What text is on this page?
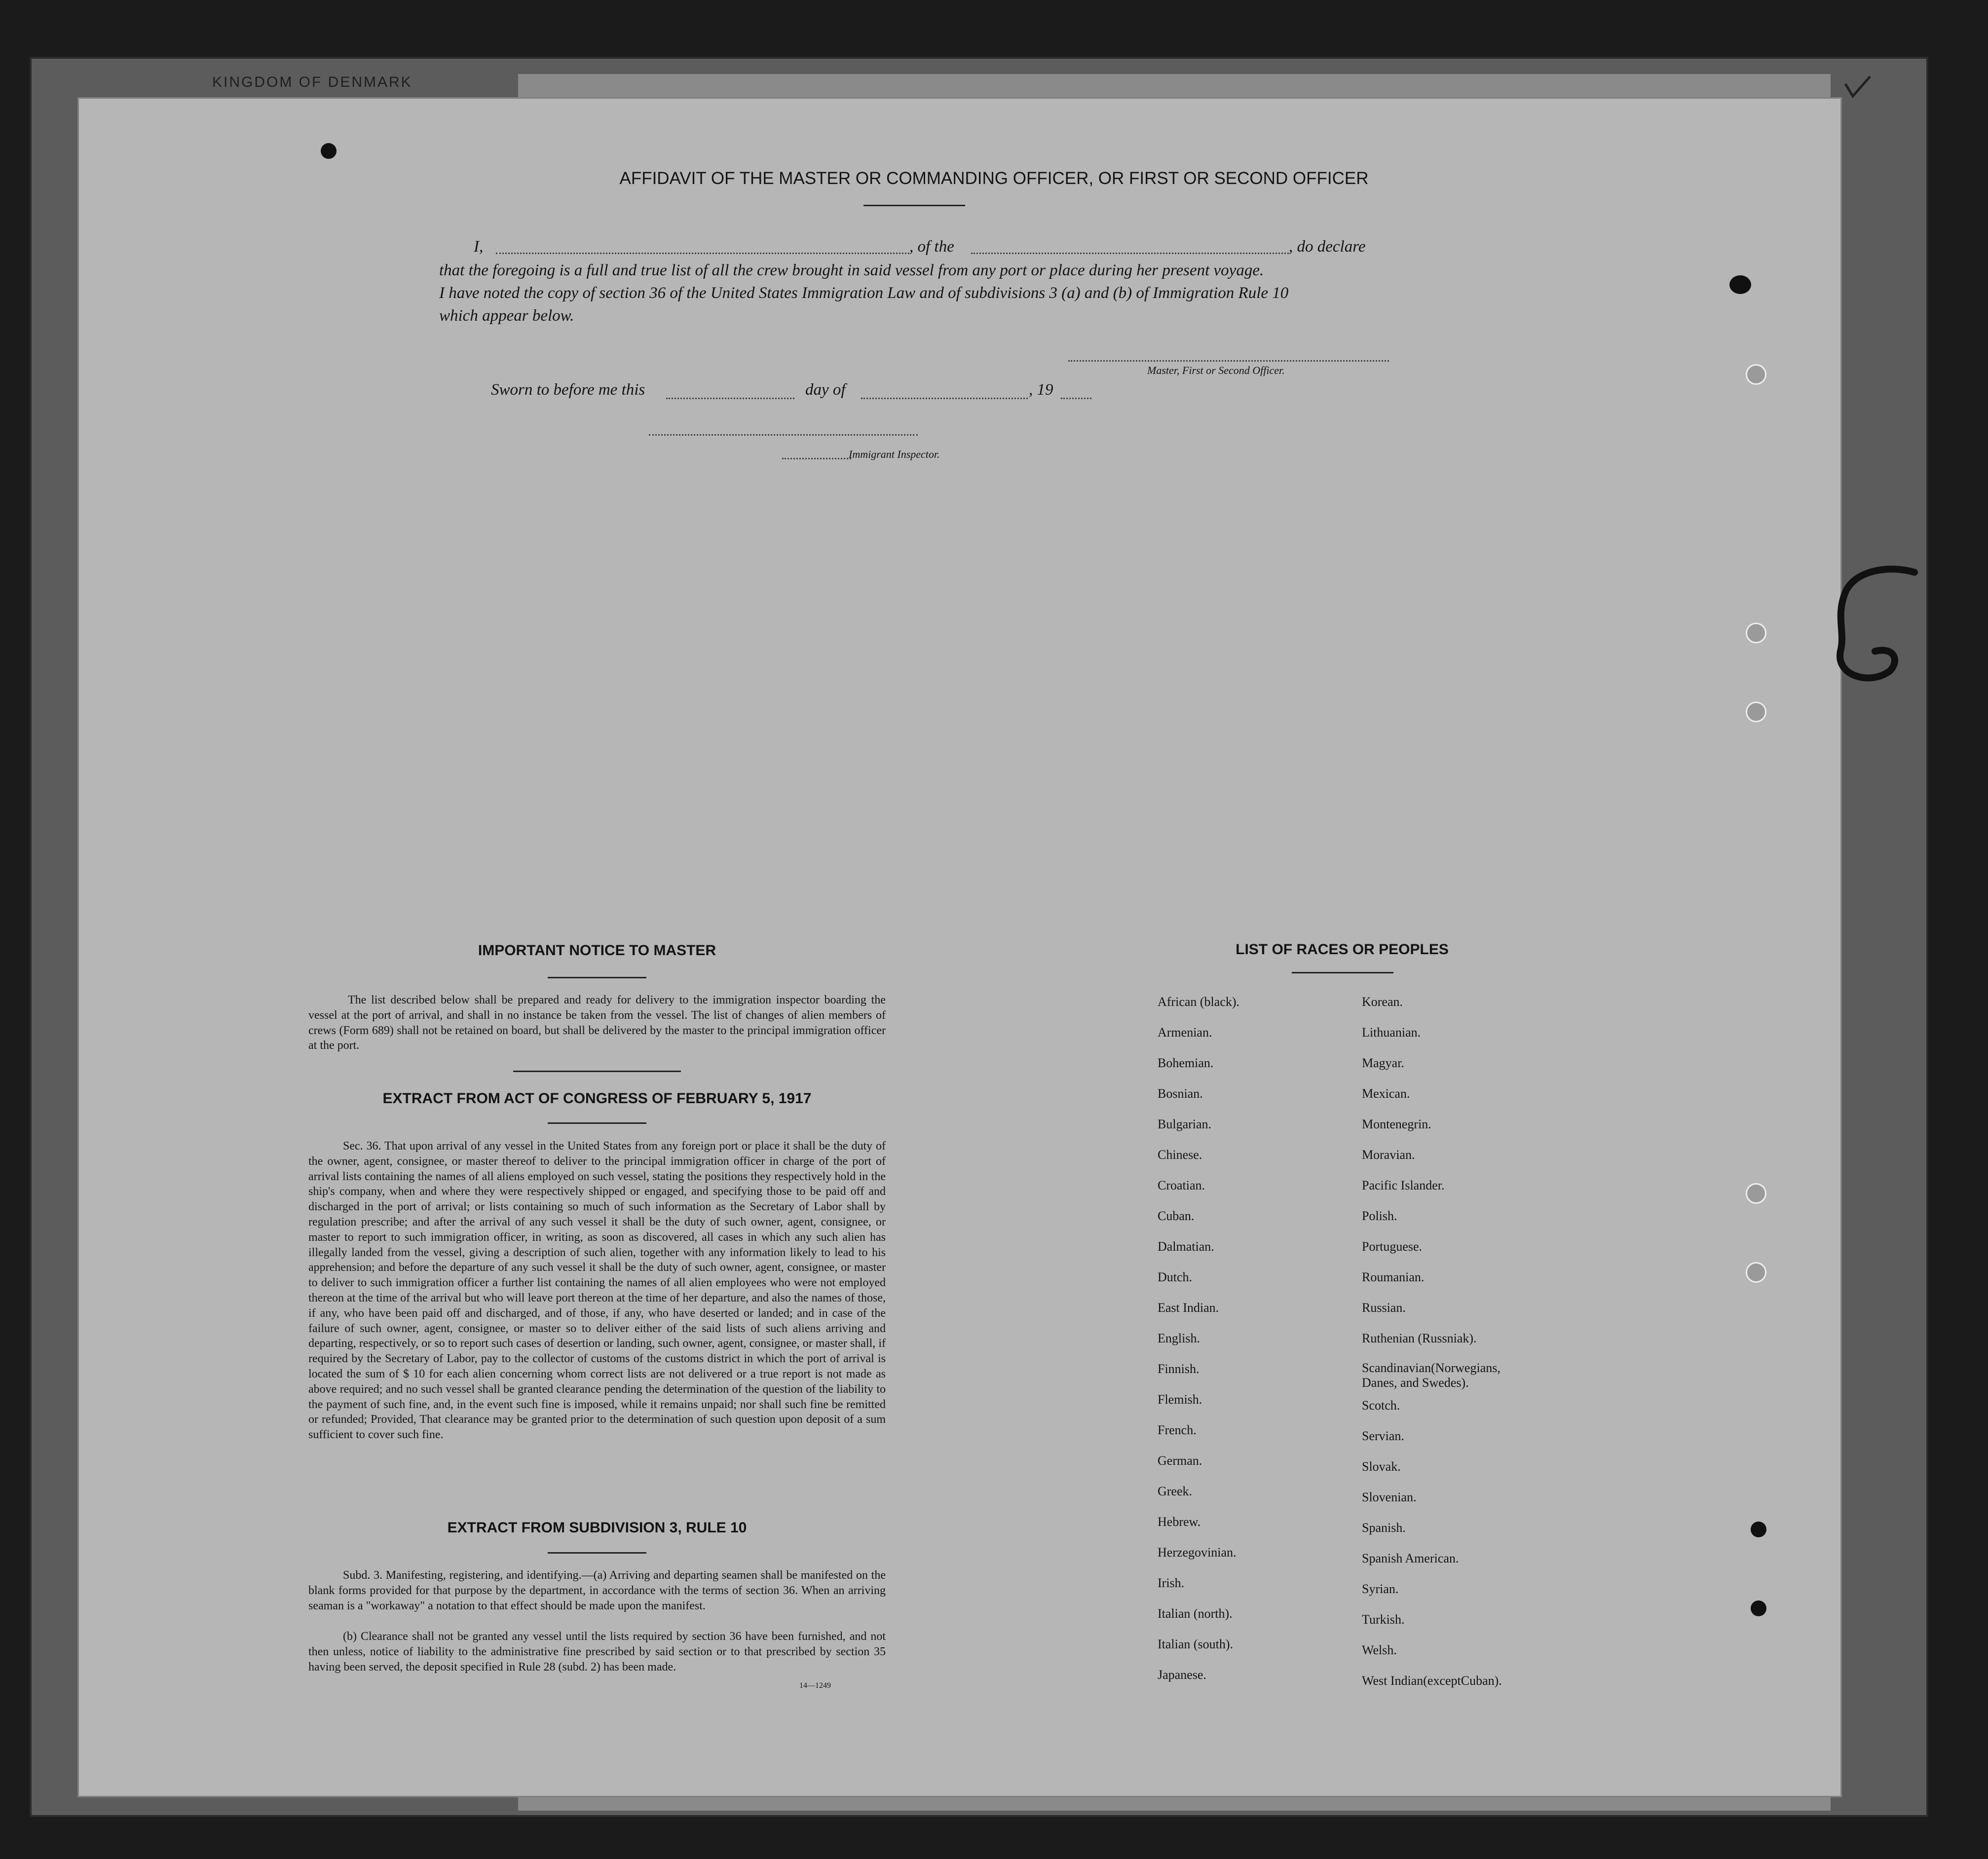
KINGDOM OF DENMARK
AFFIDAVIT OF THE MASTER OR COMMANDING OFFICER, OR FIRST OR SECOND OFFICER
I,	, of the	, do declare
that the foregoing is a full and true list of all the crew brought in said vessel from any port or place during her present voyage.
I have noted the copy of section 36 of the United States Immigration Law and of subdivisions 3 (a) and (b) of Immigration Rule 10
which appear below.
Master, First or Second Officer.
Sworn to before me this	day of	, 19
Immigrant Inspector.
IMPORTANT NOTICE TO MASTER
The list described below shall be prepared and ready for delivery to the immigration inspector boarding the vessel at the port of arrival, and shall in no instance be taken from the vessel. The list of changes of alien members of crews (Form 689) shall not be retained on board, but shall be delivered by the master to the principal immigration officer at the port.
EXTRACT FROM ACT OF CONGRESS OF FEBRUARY 5, 1917
Sec. 36. That upon arrival of any vessel in the United States from any foreign port or place it shall be the duty of the owner, agent, consignee, or master thereof to deliver to the principal immigration officer in charge of the port of arrival lists containing the names of all aliens employed on such vessel, stating the positions they respectively hold in the ship's company, when and where they were respectively shipped or engaged, and specifying those to be paid off and discharged in the port of arrival; or lists containing so much of such information as the Secretary of Labor shall by regulation prescribe; and after the arrival of any such vessel it shall be the duty of such owner, agent, consignee, or master to report to such immigration officer, in writing, as soon as discovered, all cases in which any such alien has illegally landed from the vessel, giving a description of such alien, together with any information likely to lead to his apprehension; and before the departure of any such vessel it shall be the duty of such owner, agent, consignee, or master to deliver to such immigration officer a further list containing the names of all alien employees who were not employed thereon at the time of the arrival but who will leave port thereon at the time of her departure, and also the names of those, if any, who have been paid off and discharged, and of those, if any, who have deserted or landed; and in case of the failure of such owner, agent, consignee, or master so to deliver either of the said lists of such aliens arriving and departing, respectively, or so to report such cases of desertion or landing, such owner, agent, consignee, or master shall, if required by the Secretary of Labor, pay to the collector of customs of the customs district in which the port of arrival is located the sum of $ 10 for each alien concerning whom correct lists are not delivered or a true report is not made as above required; and no such vessel shall be granted clearance pending the determination of the question of the liability to the payment of such fine, and, in the event such fine is imposed, while it remains unpaid; nor shall such fine be remitted or refunded; Provided, That clearance may be granted prior to the determination of such question upon deposit of a sum sufficient to cover such fine.
EXTRACT FROM SUBDIVISION 3, RULE 10
Subd. 3. Manifesting, registering, and identifying.—(a) Arriving and departing seamen shall be manifested on the blank forms provided for that purpose by the department, in accordance with the terms of section 36. When an arriving seaman is a "workaway" a notation to that effect should be made upon the manifest.
(b) Clearance shall not be granted any vessel until the lists required by section 36 have been furnished, and not then unless, notice of liability to the administrative fine prescribed by said section or to that prescribed by section 35 having been served, the deposit specified in Rule 28 (subd. 2) has been made.
14—1249
LIST OF RACES OR PEOPLES
African (black).
Armenian.
Bohemian.
Bosnian.
Bulgarian.
Chinese.
Croatian.
Cuban.
Dalmatian.
Dutch.
East Indian.
English.
Finnish.
Flemish.
French.
German.
Greek.
Hebrew.
Herzegovinian.
Irish.
Italian (north).
Italian (south).
Japanese.
Korean.
Lithuanian.
Magyar.
Mexican.
Montenegrin.
Moravian.
Pacific Islander.
Polish.
Portuguese.
Roumanian.
Russian.
Ruthenian (Russniak).
Scandinavian(Norwegians,
Danes, and Swedes).
Scotch.
Servian.
Slovak.
Slovenian.
Spanish.
Spanish American.
Syrian.
Turkish.
Welsh.
West Indian(exceptCuban).
